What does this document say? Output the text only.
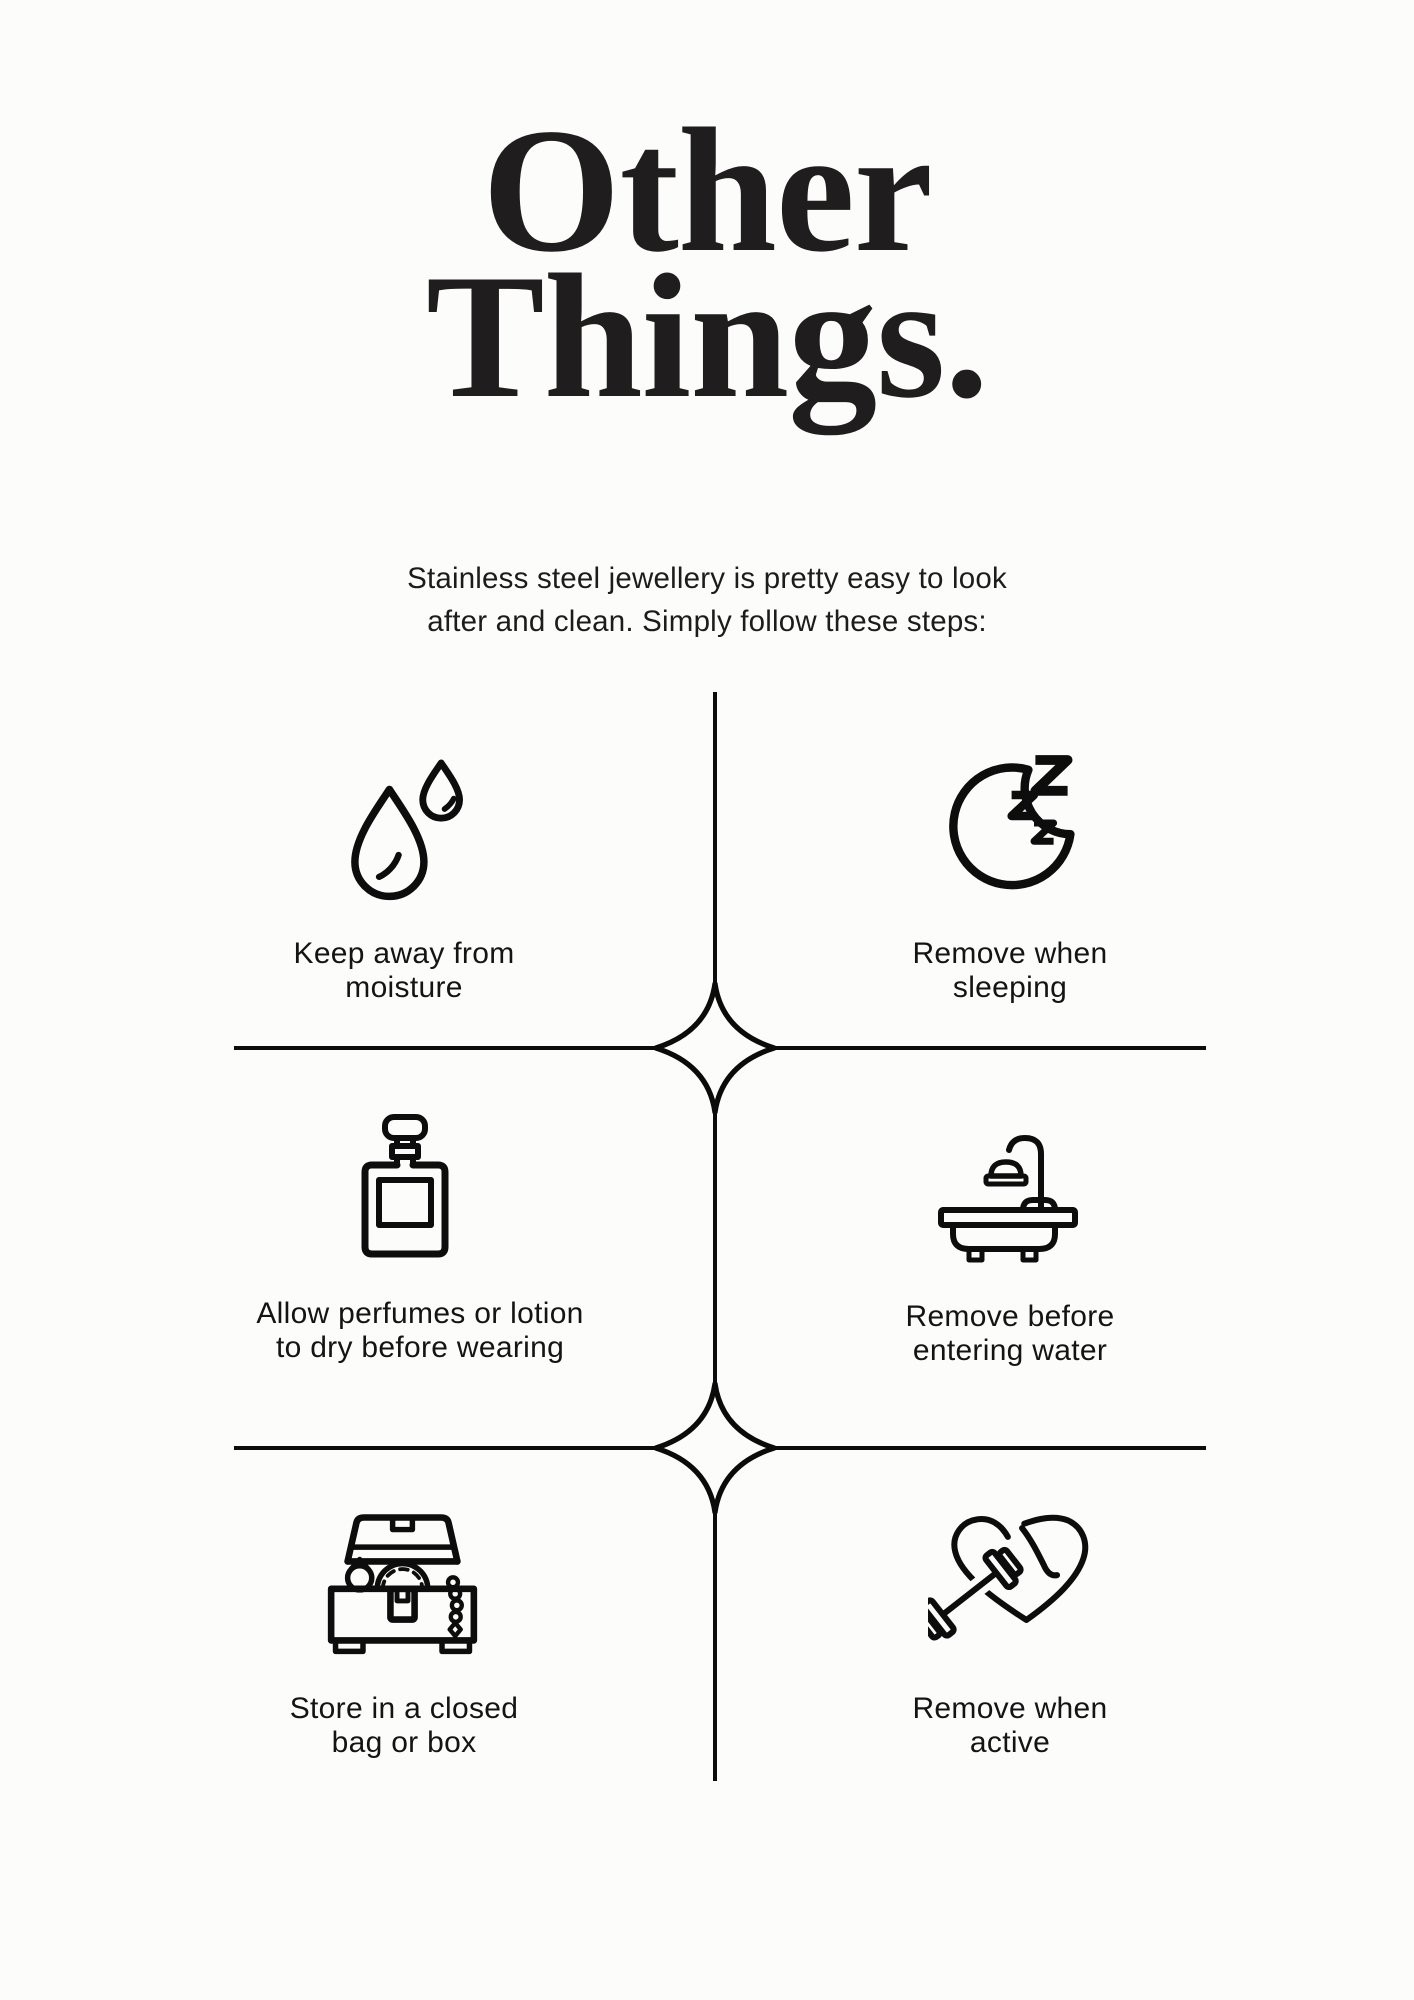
Other
Things.
Stainless steel jewellery is pretty easy to look
after and clean. Simply follow these steps:
Keep away from
moisture
Remove when
sleeping
Allow perfumes or lotion
to dry before wearing
Remove before
entering water
Store in a closed
bag or box
Remove when
active
